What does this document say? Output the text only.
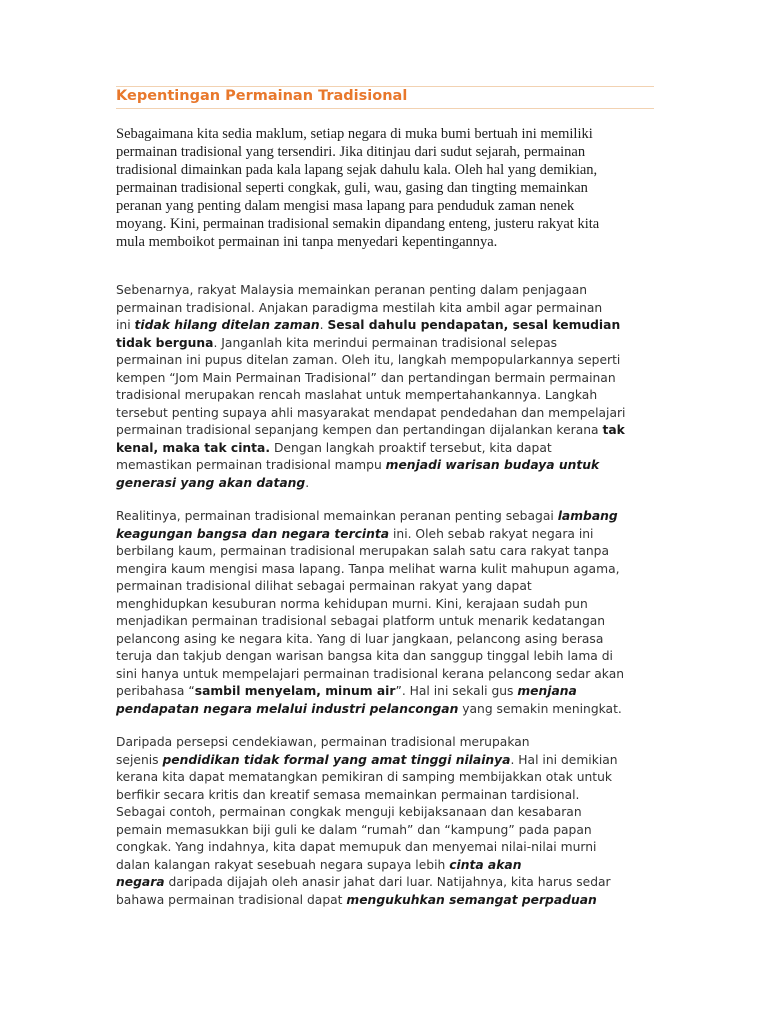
Kepentingan Permainan Tradisional
Sebagaimana kita sedia maklum, setiap negara di muka bumi bertuah ini memiliki
permainan tradisional yang tersendiri. Jika ditinjau dari sudut sejarah, permainan
tradisional dimainkan pada kala lapang sejak dahulu kala. Oleh hal yang demikian,
permainan tradisional seperti congkak, guli, wau, gasing dan tingting memainkan
peranan yang penting dalam mengisi masa lapang para penduduk zaman nenek
moyang. Kini, permainan tradisional semakin dipandang enteng, justeru rakyat kita
mula memboikot permainan ini tanpa menyedari kepentingannya.
Sebenarnya, rakyat Malaysia memainkan peranan penting dalam penjagaan
permainan tradisional. Anjakan paradigma mestilah kita ambil agar permainan
ini tidak hilang ditelan zaman. Sesal dahulu pendapatan, sesal kemudian
tidak berguna. Janganlah kita merindui permainan tradisional selepas
permainan ini pupus ditelan zaman. Oleh itu, langkah mempopularkannya seperti
kempen “Jom Main Permainan Tradisional” dan pertandingan bermain permainan
tradisional merupakan rencah maslahat untuk mempertahankannya. Langkah
tersebut penting supaya ahli masyarakat mendapat pendedahan dan mempelajari
permainan tradisional sepanjang kempen dan pertandingan dijalankan kerana tak
kenal, maka tak cinta. Dengan langkah proaktif tersebut, kita dapat
memastikan permainan tradisional mampu menjadi warisan budaya untuk
generasi yang akan datang.
Realitinya, permainan tradisional memainkan peranan penting sebagai lambang
keagungan bangsa dan negara tercinta ini. Oleh sebab rakyat negara ini
berbilang kaum, permainan tradisional merupakan salah satu cara rakyat tanpa
mengira kaum mengisi masa lapang. Tanpa melihat warna kulit mahupun agama,
permainan tradisional dilihat sebagai permainan rakyat yang dapat
menghidupkan kesuburan norma kehidupan murni. Kini, kerajaan sudah pun
menjadikan permainan tradisional sebagai platform untuk menarik kedatangan
pelancong asing ke negara kita. Yang di luar jangkaan, pelancong asing berasa
teruja dan takjub dengan warisan bangsa kita dan sanggup tinggal lebih lama di
sini hanya untuk mempelajari permainan tradisional kerana pelancong sedar akan
peribahasa “sambil menyelam, minum air”. Hal ini sekali gus menjana
pendapatan negara melalui industri pelancongan yang semakin meningkat.
Daripada persepsi cendekiawan, permainan tradisional merupakan
sejenis pendidikan tidak formal yang amat tinggi nilainya. Hal ini demikian
kerana kita dapat mematangkan pemikiran di samping membijakkan otak untuk
berfikir secara kritis dan kreatif semasa memainkan permainan tardisional.
Sebagai contoh, permainan congkak menguji kebijaksanaan dan kesabaran
pemain memasukkan biji guli ke dalam “rumah” dan “kampung” pada papan
congkak. Yang indahnya, kita dapat memupuk dan menyemai nilai-nilai murni
dalan kalangan rakyat sesebuah negara supaya lebih cinta akan
negara daripada dijajah oleh anasir jahat dari luar. Natijahnya, kita harus sedar
bahawa permainan tradisional dapat mengukuhkan semangat perpaduan
